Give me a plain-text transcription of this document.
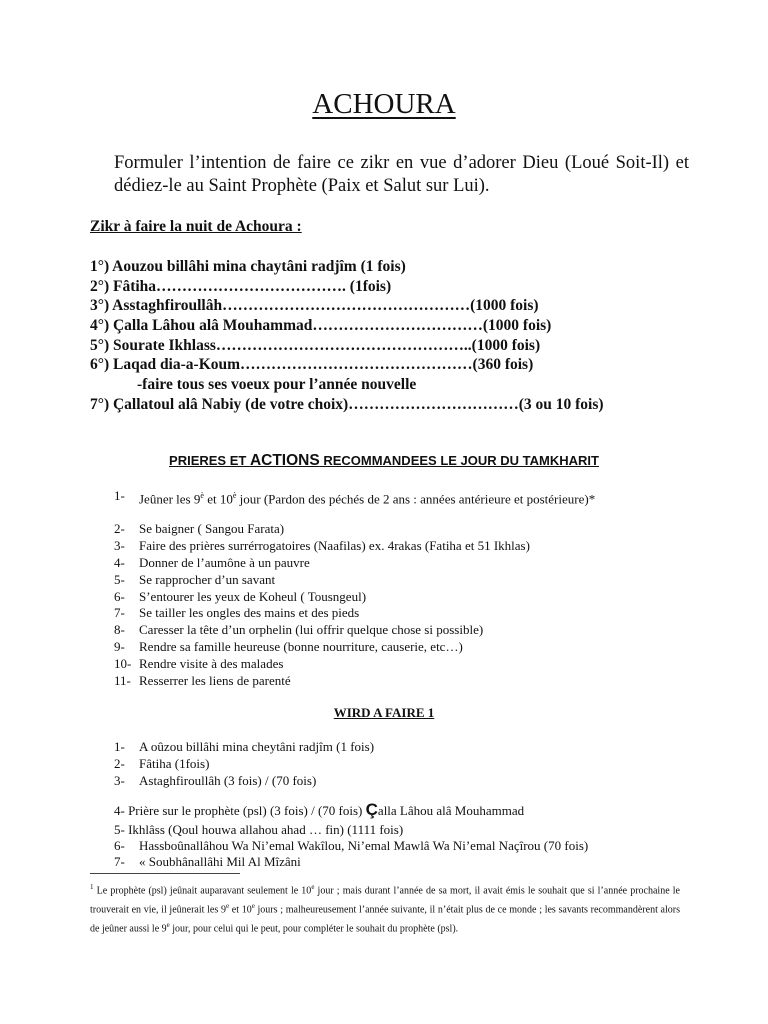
ACHOURA
Formuler l’intention de faire ce zikr en vue d’adorer Dieu (Loué Soit-Il) et dédiez-le au Saint Prophète (Paix et Salut sur Lui).
Zikr à faire la nuit de Achoura :
1°) Aouzou billâhi mina chaytâni radjîm (1 fois)
2°) Fâtiha………………………………. (1fois)
3°) Asstaghfiroullâh…………………………………………(1000 fois)
4°) Çalla Lâhou alâ Mouhammad……………………………(1000 fois)
5°) Sourate Ikhlass…………………………………………..(1000 fois)
6°) Laqad dia-a-Koum………………………………………(360 fois)
-faire tous ses voeux pour l’année nouvelle
7°) Çallatoul alâ Nabiy (de votre choix)……………………………(3 ou 10 fois)
PRIERES ET ACTIONS RECOMMANDEES LE JOUR DU TAMKHARIT
1- Jeûner les $9^è$ et $10^è$ jour (Pardon des péchés de 2 ans : années antérieure et postérieure)*
2- Se baigner ( Sangou Farata)
3- Faire des prières surrérrogatoires (Naafilas) ex. 4rakas (Fatiha et 51 Ikhlas)
4- Donner de l’aumône à un pauvre
5- Se rapprocher d’un savant
6- S’entourer les yeux de Koheul ( Tousngeul)
7- Se tailler les ongles des mains et des pieds
8- Caresser la tête d’un orphelin (lui offrir quelque chose si possible)
9- Rendre sa famille heureuse (bonne nourriture, causerie, etc…)
10- Rendre visite à des malades
11- Resserrer les liens de parenté
WIRD A FAIRE 1
1- A oûzou billâhi mina cheytâni radjîm (1 fois)
2- Fâtiha (1fois)
3- Astaghfiroullâh (3 fois) / (70 fois)
4- Prière sur le prophète (psl) (3 fois) / (70 fois) Çalla Lâhou alâ Mouhammad
5- Ikhlâss (Qoul houwa allahou ahad … fin) (1111 fois)
6- Hassboûnallâhou Wa Ni’emal Wakîlou, Ni’emal Mawlâ Wa Ni’emal Naçîrou (70 fois)
7- « Soubhânallâhi Mil Al Mîzâni
$^1$ Le prophète (psl) jeûnait auparavant seulement le 10e jour ; mais durant l’année de sa mort, il avait émis le souhait que si l’année prochaine le trouverait en vie, il jeûnerait les 9e et 10e jours ; malheureusement l’année suivante, il n’était plus de ce monde ; les savants recommandèrent alors de jeûner aussi le 9e jour, pour celui qui le peut, pour compléter le souhait du prophète (psl).
